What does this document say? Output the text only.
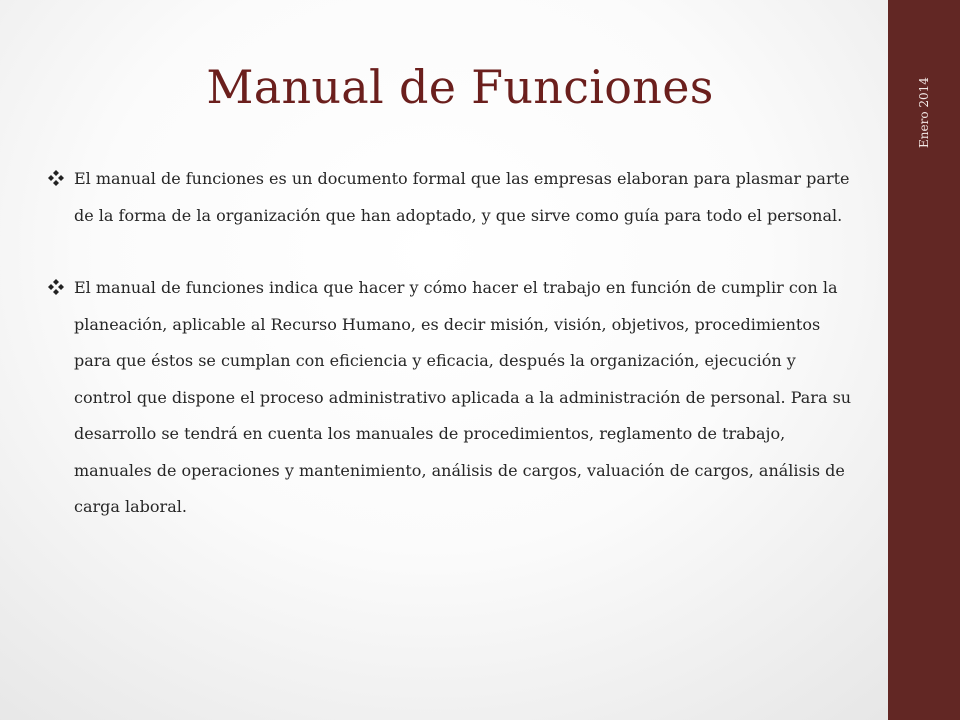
Manual de Funciones
El manual de funciones es un documento formal que las empresas elaboran para plasmar parte de la forma de la organización que han adoptado, y que sirve como guía para todo el personal.
El manual de funciones indica que hacer y cómo hacer el trabajo en función de cumplir con la planeación, aplicable al Recurso Humano, es decir misión, visión, objetivos, procedimientos para que éstos se cumplan con eficiencia y eficacia, después la organización, ejecución y control que dispone el proceso administrativo aplicada a la administración de personal. Para su desarrollo se tendrá en cuenta los manuales de procedimientos, reglamento de trabajo, manuales de operaciones y mantenimiento, análisis de cargos, valuación de cargos, análisis de carga laboral.
Enero 2014
